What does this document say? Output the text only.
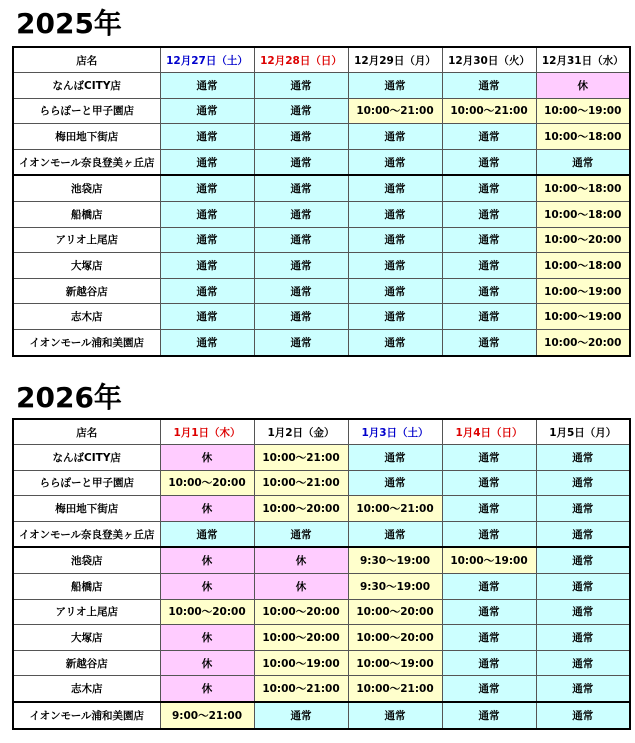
2025年
店名	12月27日（土）	12月28日（日）	12月29日（月）	12月30日（火）	12月31日（水）
なんばCITY店	通常	通常	通常	通常	休
ららぽーと甲子園店	通常	通常	10:00～21:00	10:00～21:00	10:00～19:00
梅田地下街店	通常	通常	通常	通常	10:00～18:00
イオンモール奈良登美ヶ丘店	通常	通常	通常	通常	通常
池袋店	通常	通常	通常	通常	10:00～18:00
船橋店	通常	通常	通常	通常	10:00～18:00
アリオ上尾店	通常	通常	通常	通常	10:00～20:00
大塚店	通常	通常	通常	通常	10:00～18:00
新越谷店	通常	通常	通常	通常	10:00～19:00
志木店	通常	通常	通常	通常	10:00～19:00
イオンモール浦和美園店	通常	通常	通常	通常	10:00～20:00
2026年
店名	1月1日（木）	1月2日（金）	1月3日（土）	1月4日（日）	1月5日（月）
なんばCITY店	休	10:00～21:00	通常	通常	通常
ららぽーと甲子園店	10:00～20:00	10:00～21:00	通常	通常	通常
梅田地下街店	休	10:00～20:00	10:00～21:00	通常	通常
イオンモール奈良登美ヶ丘店	通常	通常	通常	通常	通常
池袋店	休	休	9:30～19:00	10:00～19:00	通常
船橋店	休	休	9:30～19:00	通常	通常
アリオ上尾店	10:00～20:00	10:00～20:00	10:00～20:00	通常	通常
大塚店	休	10:00～20:00	10:00～20:00	通常	通常
新越谷店	休	10:00～19:00	10:00～19:00	通常	通常
志木店	休	10:00～21:00	10:00～21:00	通常	通常
イオンモール浦和美園店	9:00～21:00	通常	通常	通常	通常
